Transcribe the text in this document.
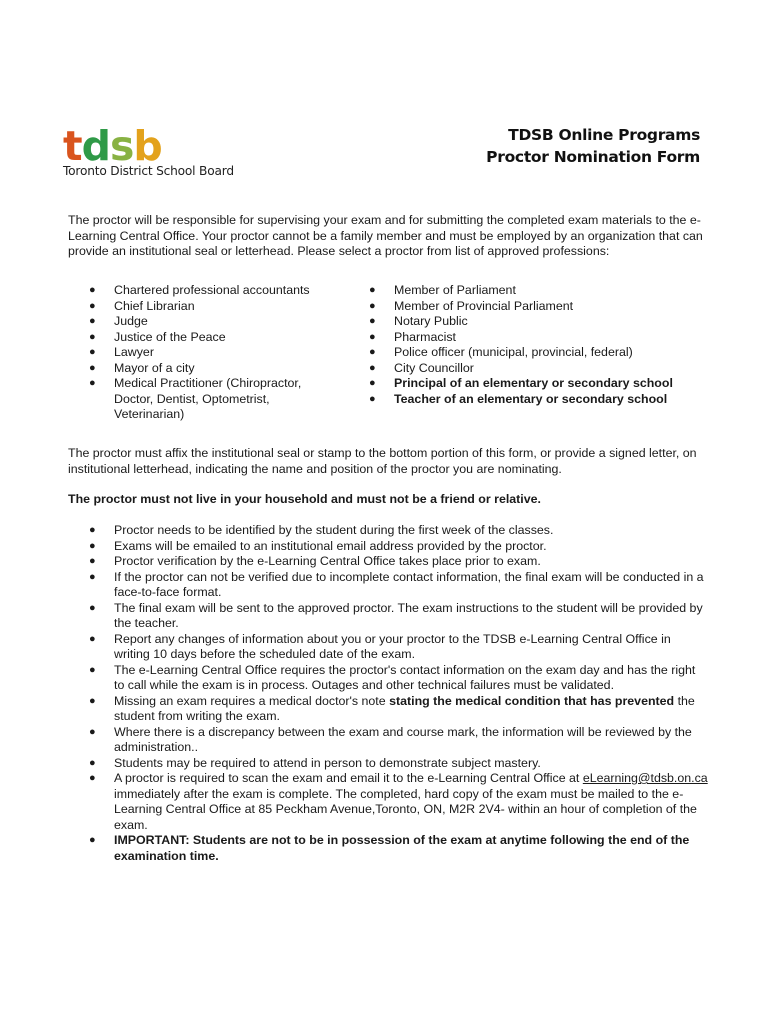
t d s b
Toronto District School Board
TDSB Online Programs
Proctor Nomination Form

The proctor will be responsible for supervising your exam and for submitting the completed exam materials to the e-Learning Central Office. Your proctor cannot be a family member and must be employed by an organization that can provide an institutional seal or letterhead. Please select a proctor from list of approved professions:

● Chartered professional accountants
● Chief Librarian
● Judge
● Justice of the Peace
● Lawyer
● Mayor of a city
● Medical Practitioner (Chiropractor, Doctor, Dentist, Optometrist, Veterinarian)
● Member of Parliament
● Member of Provincial Parliament
● Notary Public
● Pharmacist
● Police officer (municipal, provincial, federal)
● City Councillor
● Principal of an elementary or secondary school
● Teacher of an elementary or secondary school

The proctor must affix the institutional seal or stamp to the bottom portion of this form, or provide a signed letter, on institutional letterhead, indicating the name and position of the proctor you are nominating.

The proctor must not live in your household and must not be a friend or relative.

● Proctor needs to be identified by the student during the first week of the classes.
● Exams will be emailed to an institutional email address provided by the proctor.
● Proctor verification by the e-Learning Central Office takes place prior to exam.
● If the proctor can not be verified due to incomplete contact information, the final exam will be conducted in a face-to-face format.
● The final exam will be sent to the approved proctor. The exam instructions to the student will be provided by the teacher.
● Report any changes of information about you or your proctor to the TDSB e-Learning Central Office in writing 10 days before the scheduled date of the exam.
● The e-Learning Central Office requires the proctor's contact information on the exam day and has the right to call while the exam is in process. Outages and other technical failures must be validated.
● Missing an exam requires a medical doctor's note stating the medical condition that has prevented the student from writing the exam.
● Where there is a discrepancy between the exam and course mark, the information will be reviewed by the administration..
● Students may be required to attend in person to demonstrate subject mastery.
● A proctor is required to scan the exam and email it to the e-Learning Central Office at eLearning@tdsb.on.ca immediately after the exam is complete. The completed, hard copy of the exam must be mailed to the e-Learning Central Office at 85 Peckham Avenue,Toronto, ON, M2R 2V4- within an hour of completion of the exam.
● IMPORTANT: Students are not to be in possession of the exam at anytime following the end of the examination time.
